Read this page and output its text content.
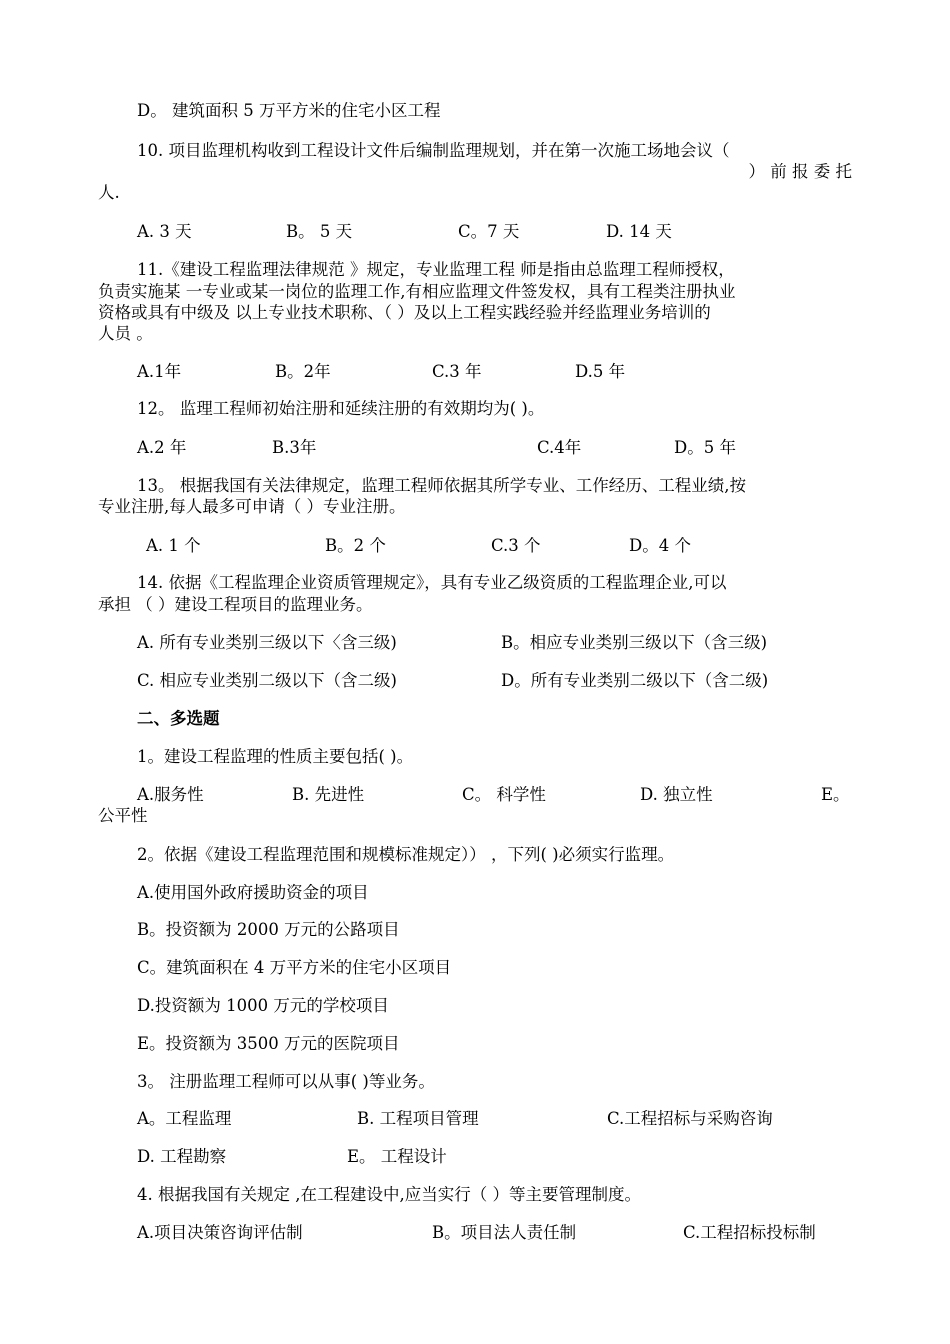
D。 建筑面积 5 万平方米的住宅小区工程
10. 项目监理机构收到工程设计文件后编制监理规划，并在第一次施工场地会议（
） 前 报 委 托
人.
A. 3 天	B。 5 天	C。7 天	D. 14 天
11.《建设工程监理法律规范 》规定，专业监理工程 师是指由总监理工程师授权，
负责实施某 一专业或某一岗位的监理工作,有相应监理文件签发权，具有工程类注册执业
资格或具有中级及 以上专业技术职称、（ ）及以上工程实践经验并经监理业务培训的
人员 。
A.1年	B。2年	C.3 年	D.5 年
12。 监理工程师初始注册和延续注册的有效期均为( )。
A.2 年	B.3年	C.4年	D。5 年
13。 根据我国有关法律规定，监理工程师依据其所学专业、工作经历、工程业绩,按
专业注册,每人最多可申请（ ）专业注册。
A. 1 个	B。2 个	C.3 个	D。4 个
14. 依据《工程监理企业资质管理规定》，具有专业乙级资质的工程监理企业,可以
承担 （ ）建设工程项目的监理业务。
A. 所有专业类别三级以下〈含三级)	B。相应专业类别三级以下（含三级)
C. 相应专业类别二级以下（含二级)	D。所有专业类别二级以下（含二级)
二、多选题
1。建设工程监理的性质主要包括( )。
A.服务性	B. 先进性	C。 科学性	D. 独立性	E。
公平性
2。依据《建设工程监理范围和规模标准规定）） ，下列( )必须实行监理。
A.使用国外政府援助资金的项目
B。投资额为 2000 万元的公路项目
C。建筑面积在 4 万平方米的住宅小区项目
D.投资额为 1000 万元的学校项目
E。投资额为 3500 万元的医院项目
3。 注册监理工程师可以从事( )等业务。
A。工程监理	B. 工程项目管理	C.工程招标与采购咨询
D. 工程勘察	E。 工程设计
4. 根据我国有关规定 ,在工程建设中,应当实行（ ）等主要管理制度。
A.项目决策咨询评估制	B。项目法人责任制	C.工程招标投标制
